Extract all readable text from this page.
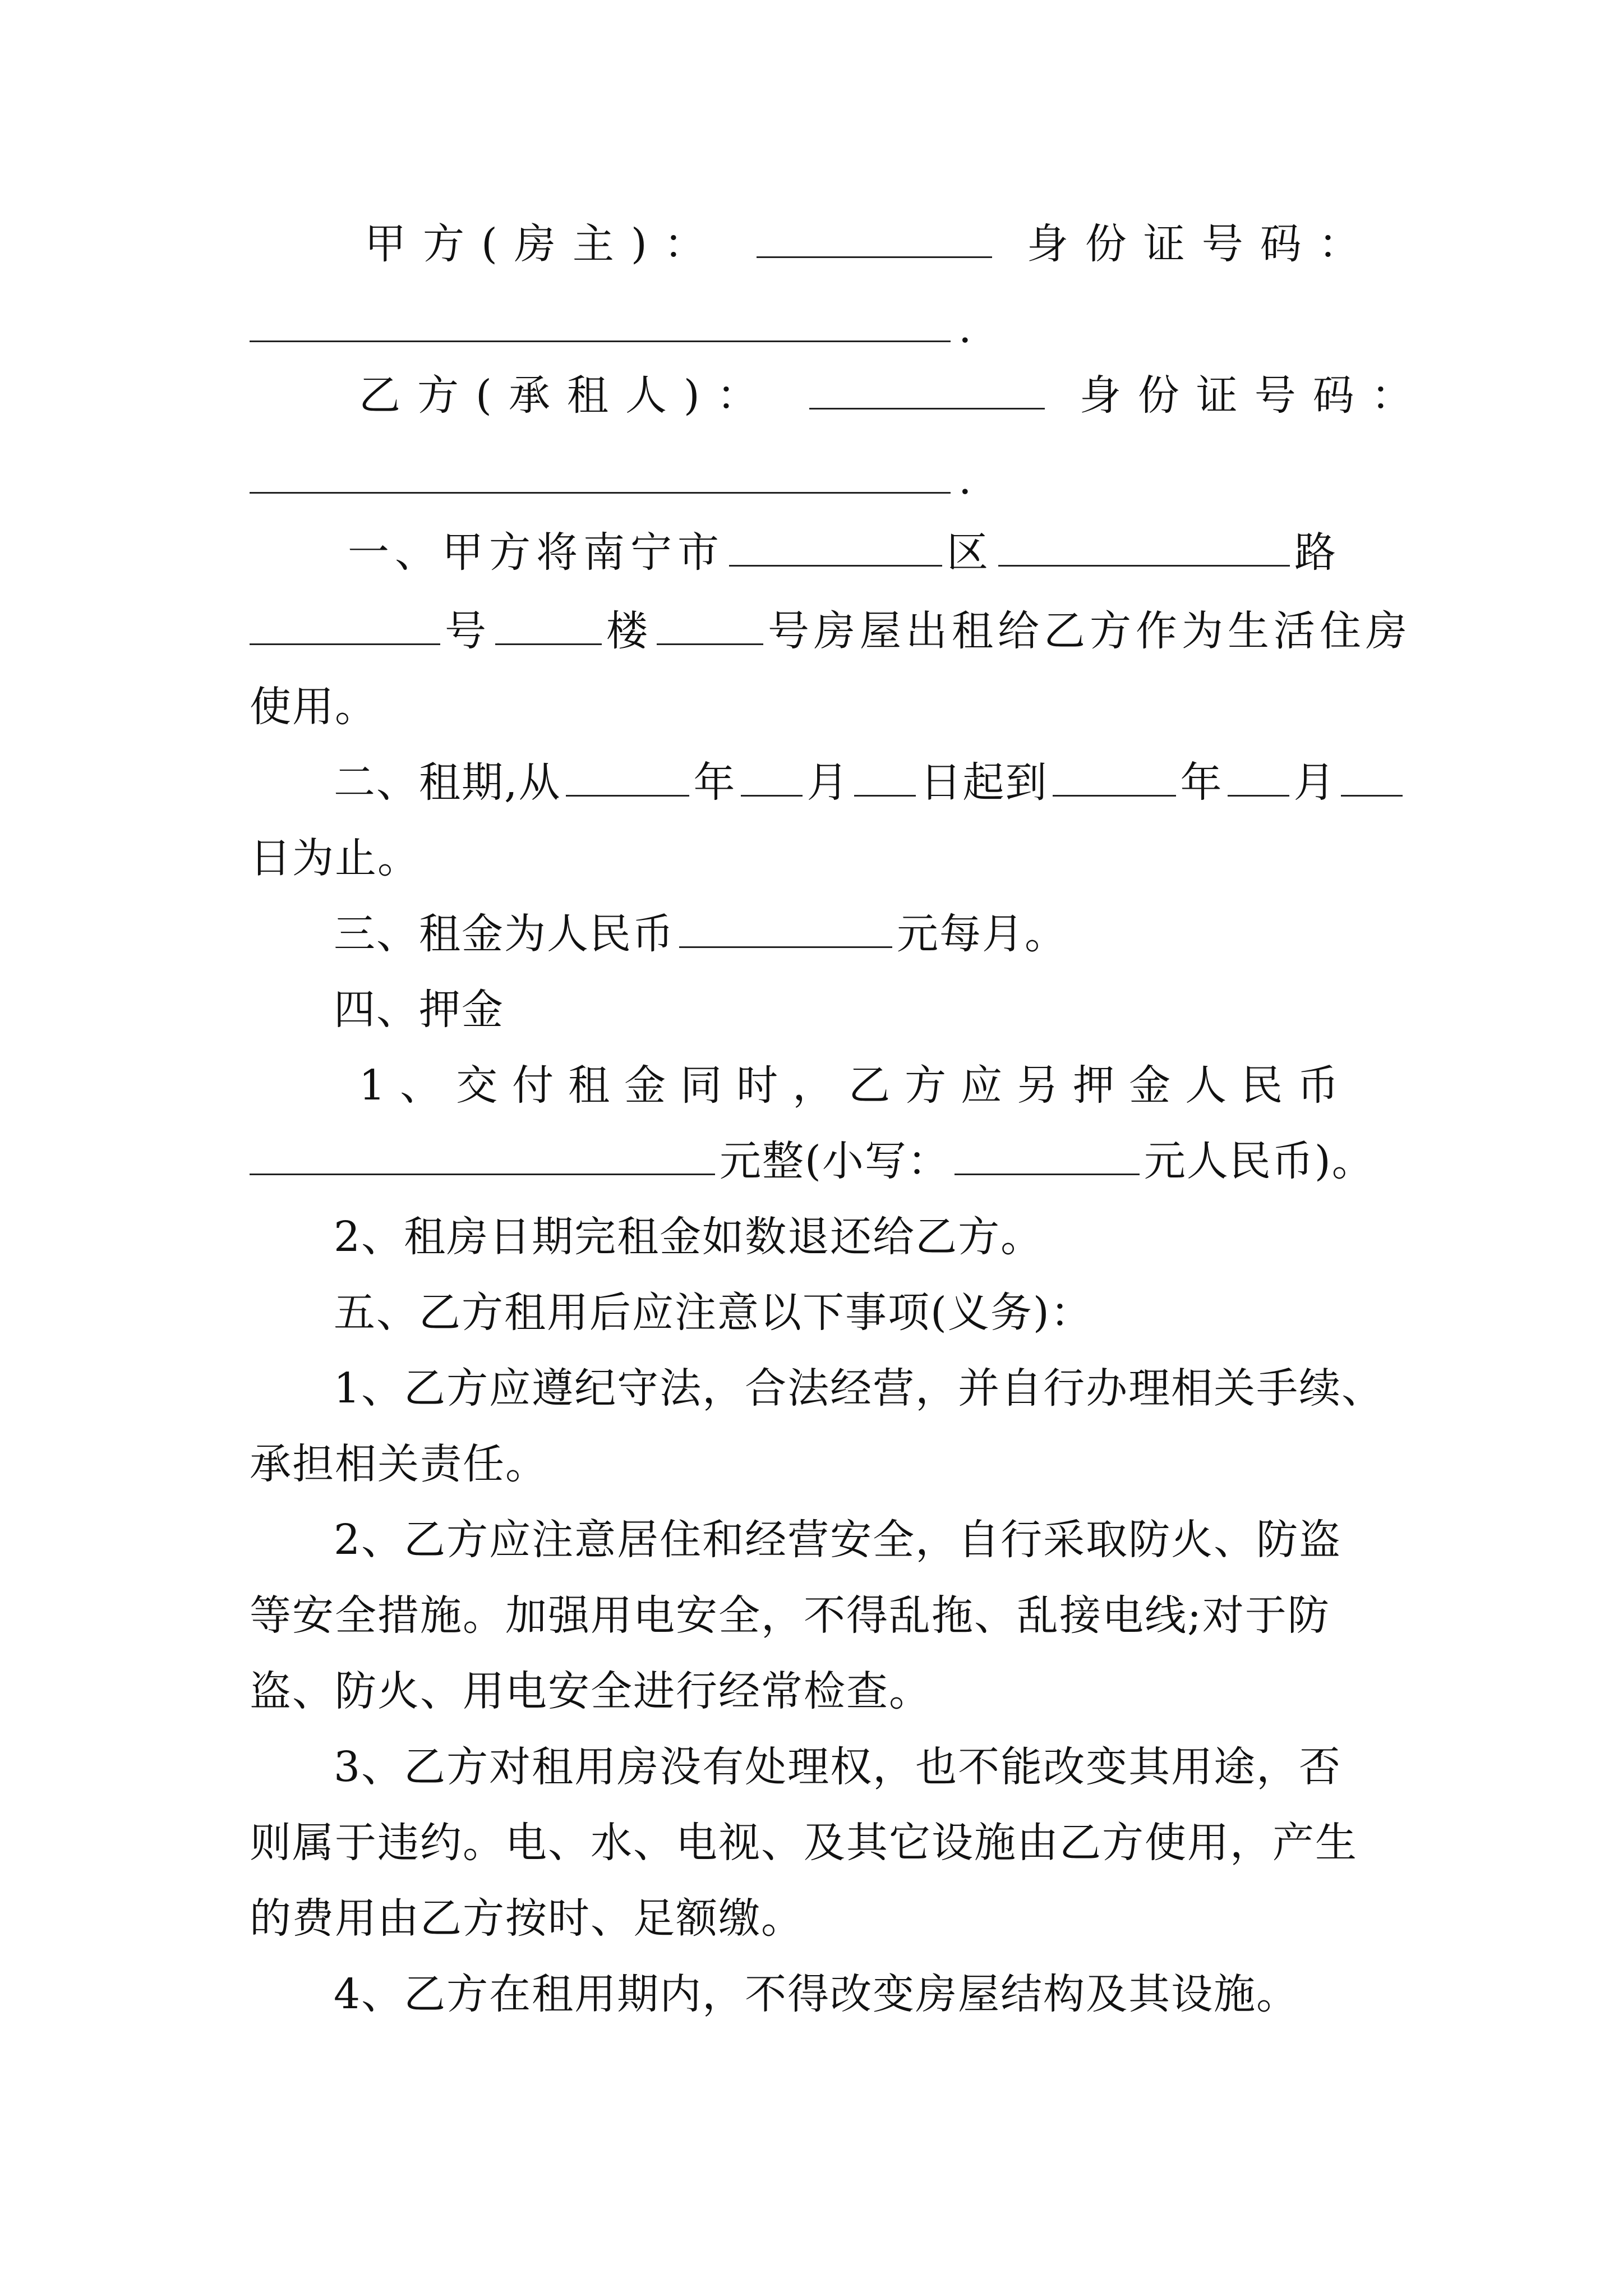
甲方(房主)：	身份证号码：
.
乙方(承租人)：	身份证号码：
.
一、甲方将南宁市	区	路
号	楼	号房屋出租给乙方作为生活住房
使用。
二、租期,从	年 月 日起到	年 月
日为止。
三、租金为人民币	元每月。
四、押金
1、交付租金同时，乙方应另押金人民币
元整(小写：	元人民币)。
2、租房日期完租金如数退还给乙方。
五、乙方租用后应注意以下事项(义务)：
1、乙方应遵纪守法，合法经营，并自行办理相关手续、
承担相关责任。
2、乙方应注意居住和经营安全，自行采取防火、防盗
等安全措施。加强用电安全，不得乱拖、乱接电线;对于防
盗、防火、用电安全进行经常检查。
3、乙方对租用房没有处理权，也不能改变其用途，否
则属于违约。电、水、电视、及其它设施由乙方使用，产生
的费用由乙方按时、足额缴。
4、乙方在租用期内，不得改变房屋结构及其设施。
